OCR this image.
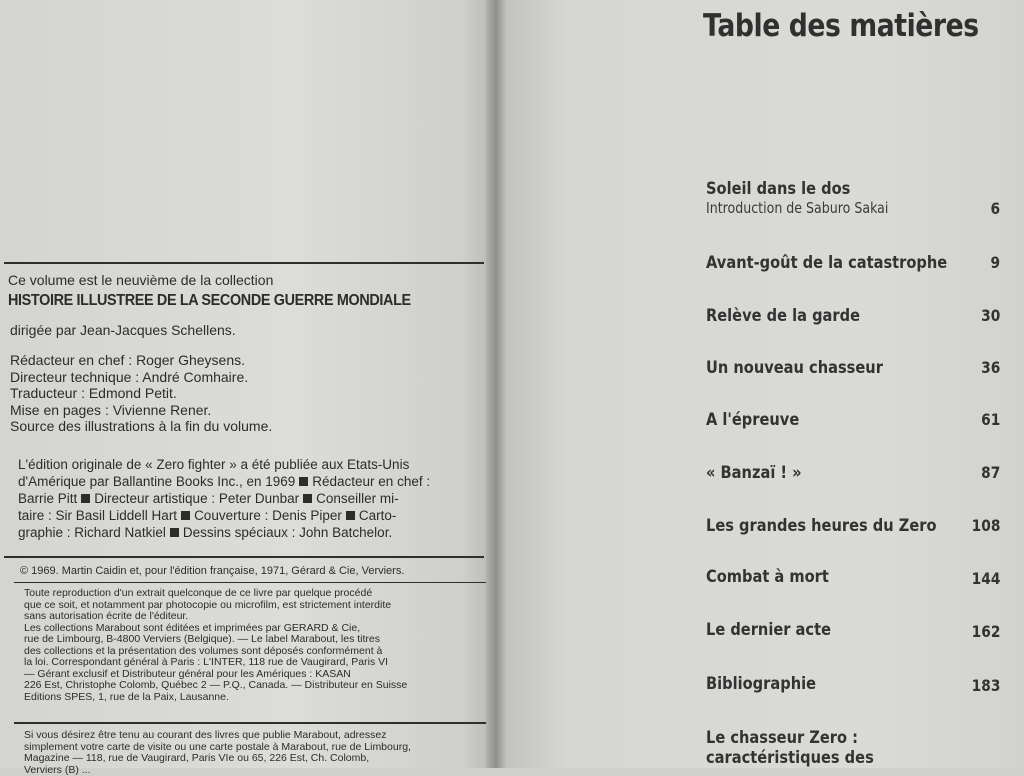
Ce volume est le neuvième de la collection
HISTOIRE ILLUSTREE DE LA SECONDE GUERRE MONDIALE
dirigée par Jean-Jacques Schellens.
Rédacteur en chef : Roger Gheysens.
Directeur technique : André Comhaire.
Traducteur : Edmond Petit.
Mise en pages : Vivienne Rener.
Source des illustrations à la fin du volume.
L'édition originale de « Zero fighter » a été publiée aux Etats-Unis
d'Amérique par Ballantine Books Inc., en 1969 Rédacteur en chef :
Barrie Pitt Directeur artistique : Peter Dunbar Conseiller mi-
taire : Sir Basil Liddell Hart Couverture : Denis Piper Carto-
graphie : Richard Natkiel Dessins spéciaux : John Batchelor.
© 1969. Martin Caidin et, pour l'édition française, 1971, Gérard & Cie, Verviers.
Toute reproduction d'un extrait quelconque de ce livre par quelque procédé
que ce soit, et notamment par photocopie ou microfilm, est strictement interdite
sans autorisation écrite de l'éditeur.
Les collections Marabout sont éditées et imprimées par GERARD & Cie,
rue de Limbourg, B-4800 Verviers (Belgique). — Le label Marabout, les titres
des collections et la présentation des volumes sont déposés conformément à
la loi. Correspondant général à Paris : L'INTER, 118 rue de Vaugirard, Paris VI
— Gérant exclusif et Distributeur général pour les Amériques : KASAN
226 Est, Christophe Colomb, Québec 2 — P.Q., Canada. — Distributeur en Suisse
Editions SPES, 1, rue de la Paix, Lausanne.
Si vous désirez être tenu au courant des livres que publie Marabout, adressez
simplement votre carte de visite ou une carte postale à Marabout, rue de Limbourg,
Magazine — 118, rue de Vaugirard, Paris VIe ou 65, 226 Est, Ch. Colomb,
Verviers (B) ...
Table des matières
Soleil dans le dos
Introduction de Saburo Sakai	6
Avant-goût de la catastrophe	9
Relève de la garde	30
Un nouveau chasseur	36
A l'épreuve	61
« Banzaï ! »	87
Les grandes heures du Zero	108
Combat à mort	144
Le dernier acte	162
Bibliographie	183
Le chasseur Zero :
caractéristiques des
